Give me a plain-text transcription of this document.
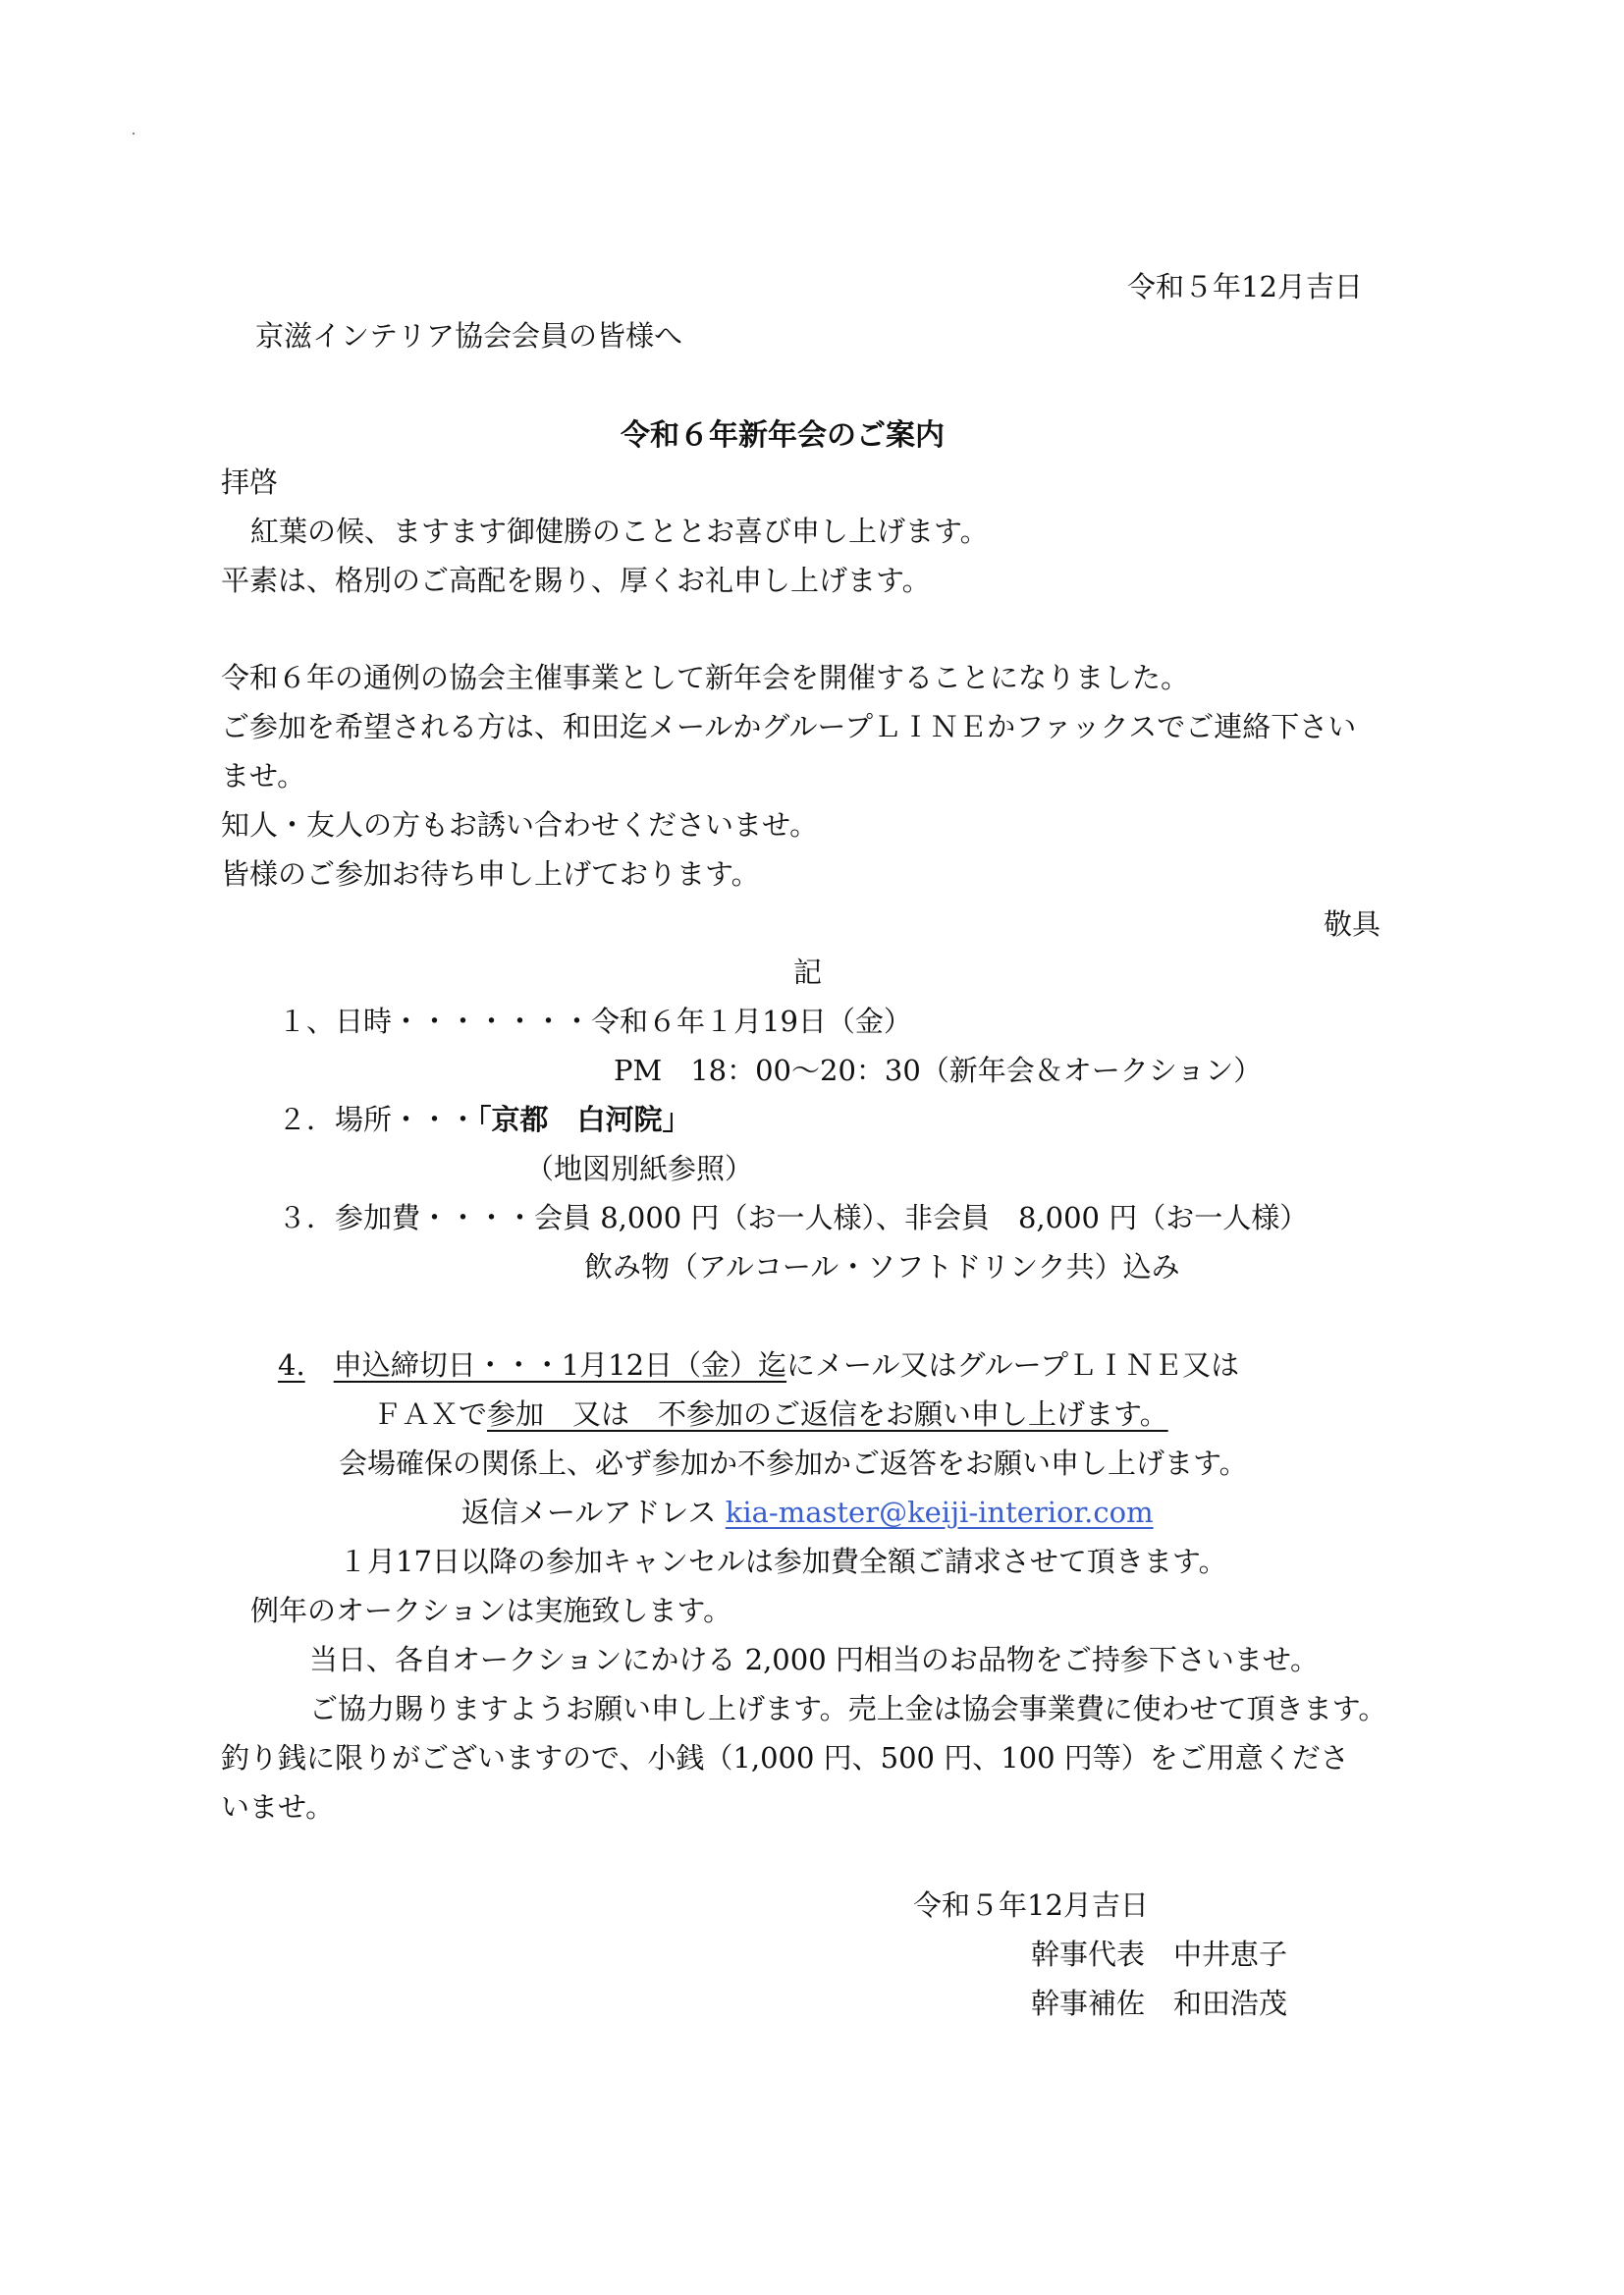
令和５年12月吉日
京滋インテリア協会会員の皆様へ
令和６年新年会のご案内
拝啓
紅葉の候、ますます御健勝のこととお喜び申し上げます。
平素は、格別のご高配を賜り、厚くお礼申し上げます。
令和６年の通例の協会主催事業として新年会を開催することになりました。
ご参加を希望される方は、和田迄メールかグループＬＩＮＥかファックスでご連絡下さい
ませ。
知人・友人の方もお誘い合わせくださいませ。
皆様のご参加お待ち申し上げております。
敬具
記
１、日時・・・・・・・令和６年１月19日（金）
PM　18：00～20：30（新年会＆オークション）
２．場所・・・「京都　白河院」
（地図別紙参照）
３．参加費・・・・会員 8,000 円（お一人様）、非会員　8,000 円（お一人様）
飲み物（アルコール・ソフトドリンク共）込み
4.　 申込締切日・・・1月12日（金）迄にメール又はグループＬＩＮＥ又は
ＦＡＸで参加　又は　不参加のご返信をお願い申し上げます。
会場確保の関係上、必ず参加か不参加かご返答をお願い申し上げます。
返信メールアドレス kia-master@keiji-interior.com
１月17日以降の参加キャンセルは参加費全額ご請求させて頂きます。
例年のオークションは実施致します。
当日、各自オークションにかける 2,000 円相当のお品物をご持参下さいませ。
ご協力賜りますようお願い申し上げます。売上金は協会事業費に使わせて頂きます。
釣り銭に限りがございますので、小銭（1,000 円、500 円、100 円等）をご用意くださ
いませ。
令和５年12月吉日
幹事代表　中井恵子
幹事補佐　和田浩茂
